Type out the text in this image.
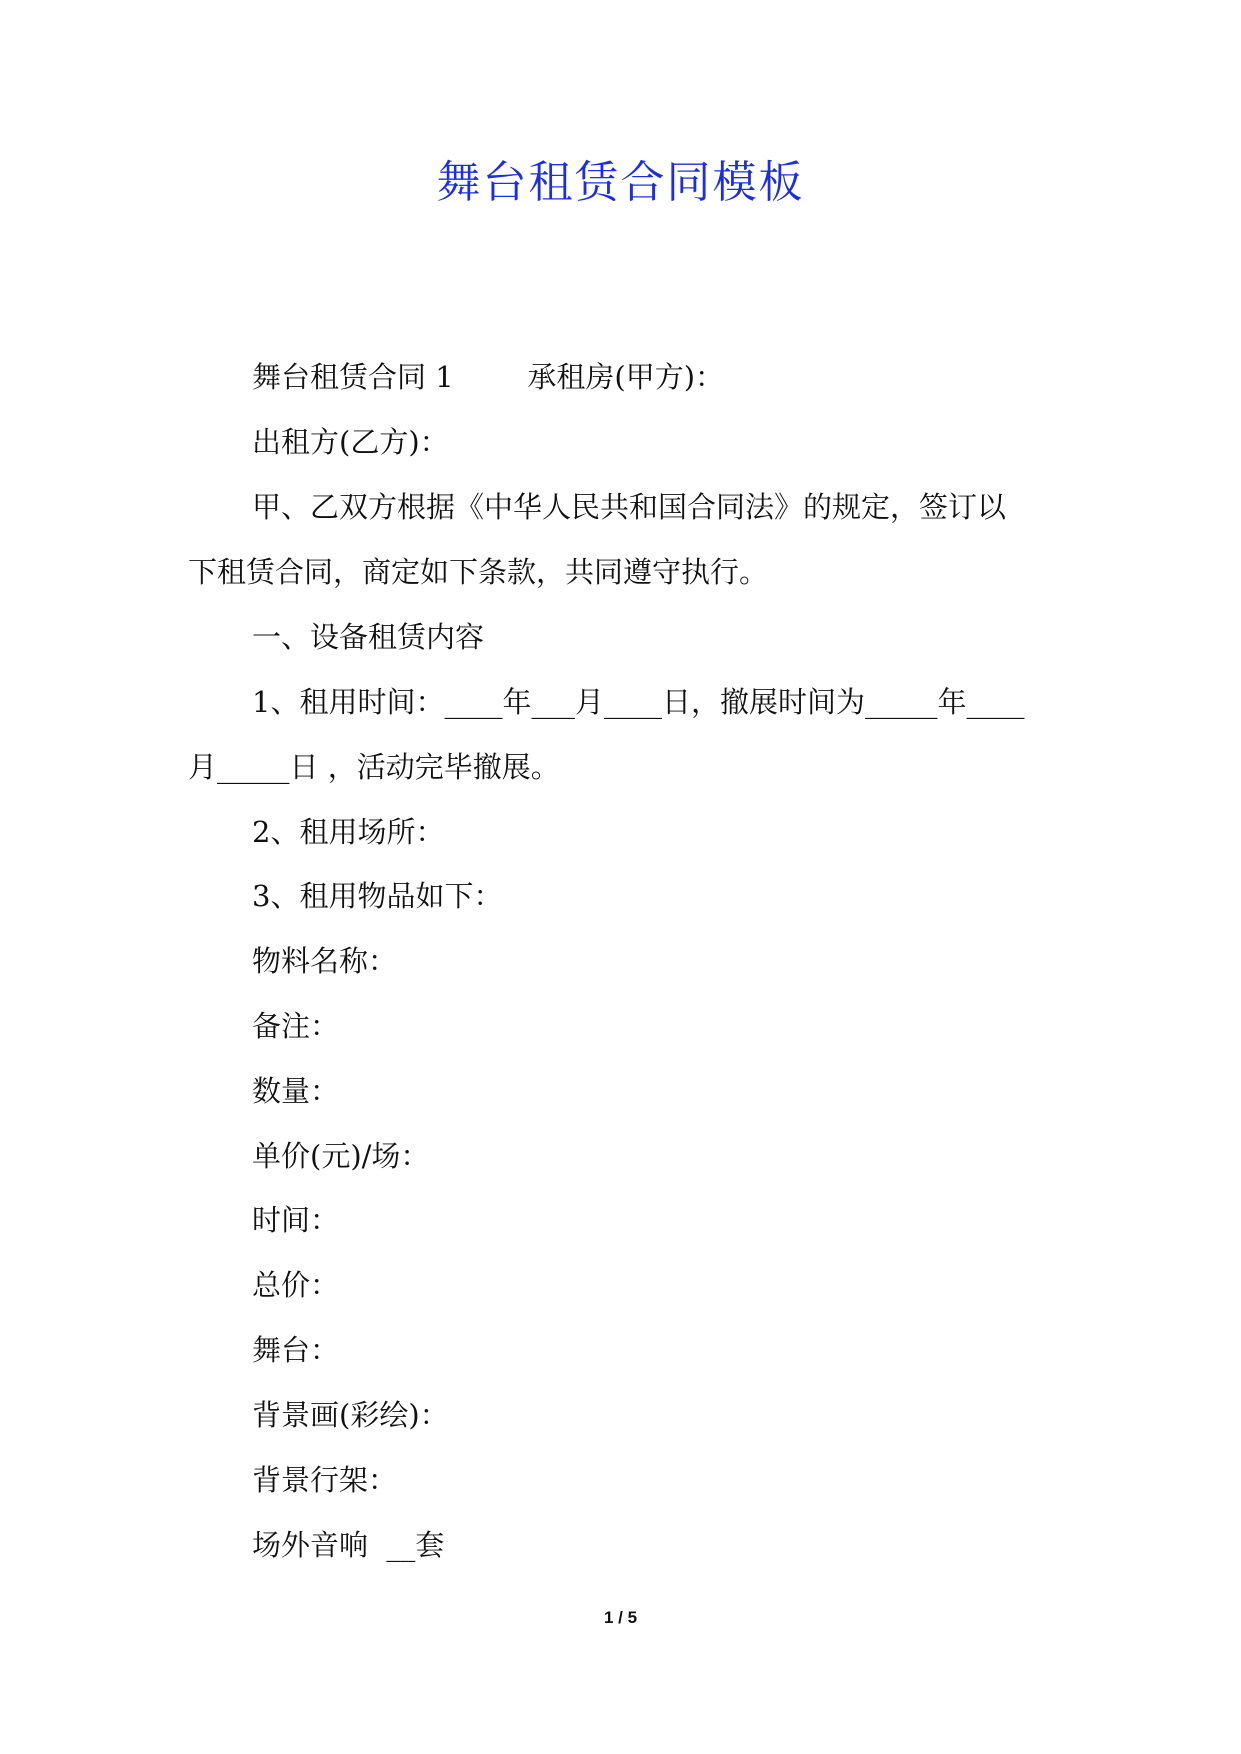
舞台租赁合同模板
舞台租赁合同 1        承租房(甲方)：
出租方(乙方)：
甲、乙双方根据《中华人民共和国合同法》的规定，签订以
下租赁合同，商定如下条款，共同遵守执行。
一、设备租赁内容
1、租用时间：____年___月____日，撤展时间为_____年____
月_____日 ，活动完毕撤展。
2、租用场所：
3、租用物品如下：
物料名称：
备注：
数量：
单价(元)/场：
时间：
总价：
舞台：
背景画(彩绘)：
背景行架：
场外音响  __套
1 / 5
